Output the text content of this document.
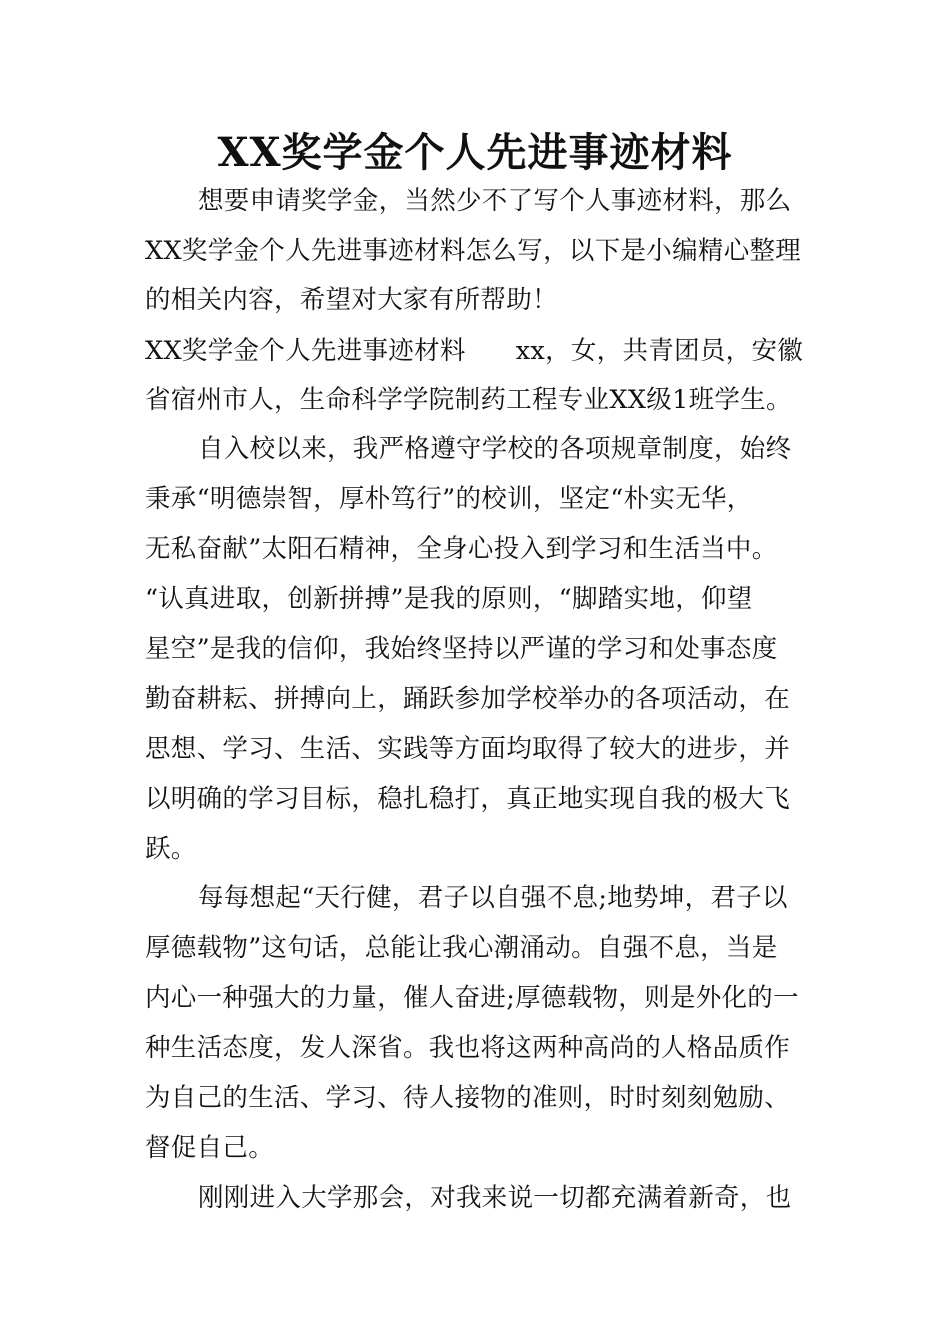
XX奖学金个人先进事迹材料
想要申请奖学金，当然少不了写个人事迹材料，那么
XX奖学金个人先进事迹材料怎么写，以下是小编精心整理
的相关内容，希望对大家有所帮助！
XX奖学金个人先进事迹材料 xx，女，共青团员，安徽
省宿州市人，生命科学学院制药工程专业XX级1班学生。
自入校以来，我严格遵守学校的各项规章制度，始终
秉承“明德崇智，厚朴笃行”的校训，坚定“朴实无华，
无私奋献”太阳石精神，全身心投入到学习和生活当中。
“认真进取，创新拼搏”是我的原则，“脚踏实地，仰望
星空”是我的信仰，我始终坚持以严谨的学习和处事态度
勤奋耕耘、拼搏向上，踊跃参加学校举办的各项活动，在
思想、学习、生活、实践等方面均取得了较大的进步，并
以明确的学习目标，稳扎稳打，真正地实现自我的极大飞
跃。
每每想起“天行健，君子以自强不息;地势坤，君子以
厚德载物”这句话，总能让我心潮涌动。自强不息，当是
内心一种强大的力量，催人奋进;厚德载物，则是外化的一
种生活态度，发人深省。我也将这两种高尚的人格品质作
为自己的生活、学习、待人接物的准则，时时刻刻勉励、
督促自己。
刚刚进入大学那会，对我来说一切都充满着新奇，也
